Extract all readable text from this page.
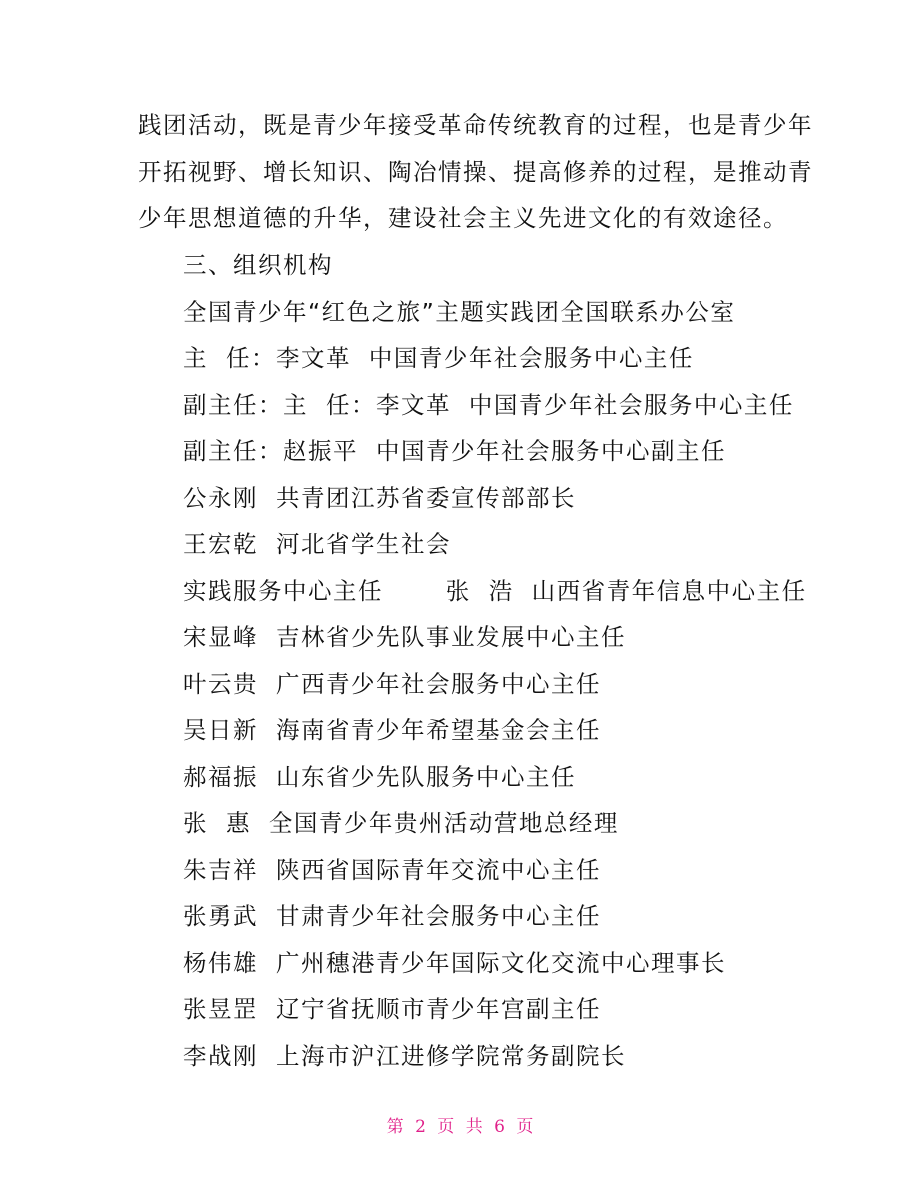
践团活动，既是青少年接受革命传统教育的过程，也是青少年
开拓视野、增长知识、陶冶情操、提高修养的过程，是推动青
少年思想道德的升华，建设社会主义先进文化的有效途径。
三、组织机构
全国青少年“红色之旅”主题实践团全国联系办公室
主  任：李文革  中国青少年社会服务中心主任
副主任：主  任：李文革  中国青少年社会服务中心主任
副主任：赵振平  中国青少年社会服务中心副主任
公永刚  共青团江苏省委宣传部部长
王宏乾  河北省学生社会
实践服务中心主任       张  浩  山西省青年信息中心主任
宋显峰  吉林省少先队事业发展中心主任
叶云贵  广西青少年社会服务中心主任
吴日新  海南省青少年希望基金会主任
郝福振  山东省少先队服务中心主任
张  惠  全国青少年贵州活动营地总经理
朱吉祥  陕西省国际青年交流中心主任
张勇武  甘肃青少年社会服务中心主任
杨伟雄  广州穗港青少年国际文化交流中心理事长
张昱罡  辽宁省抚顺市青少年宫副主任
李战刚  上海市沪江进修学院常务副院长
第 2 页 共 6 页
